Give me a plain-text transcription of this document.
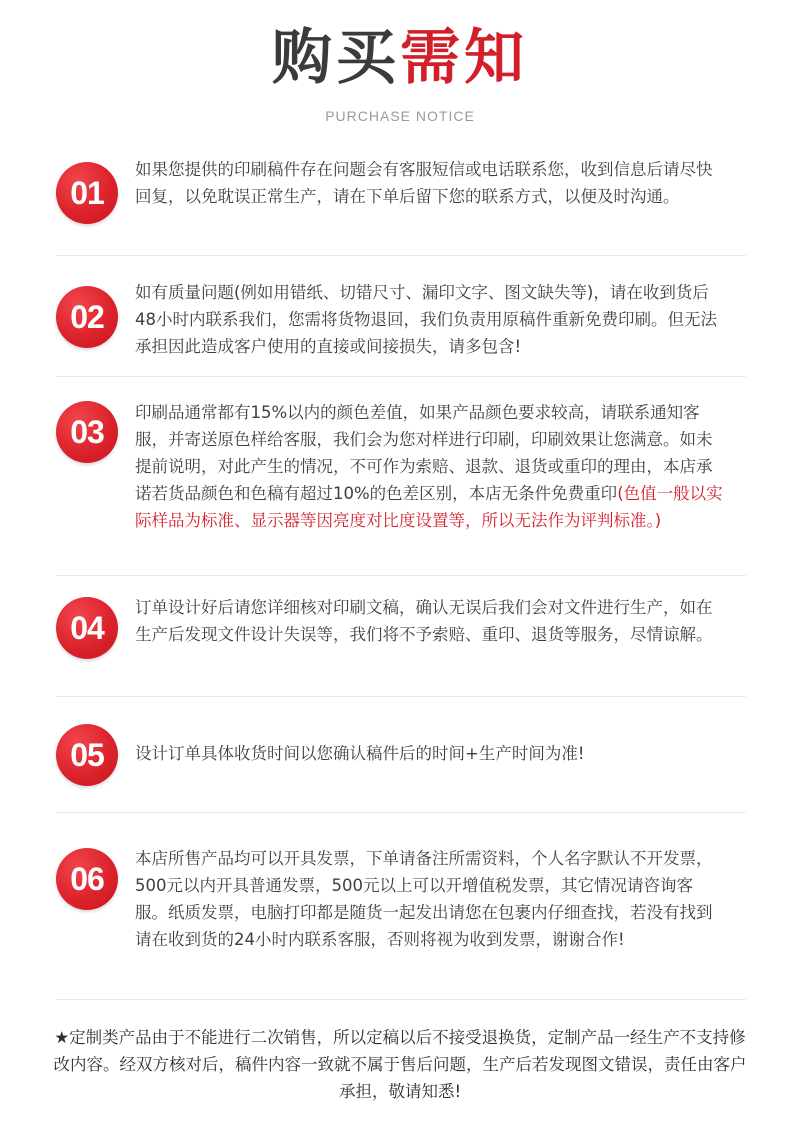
购买需知
PURCHASE NOTICE
01

如果您提供的印刷稿件存在问题会有客服短信或电话联系您，收到信息后请尽快回复，以免耽误正常生产，请在下单后留下您的联系方式，以便及时沟通。

02

如有质量问题(例如用错纸、切错尺寸、漏印文字、图文缺失等)，请在收到货后48小时内联系我们，您需将货物退回，我们负责用原稿件重新免费印刷。但无法承担因此造成客户使用的直接或间接损失，请多包含!

03

印刷品通常都有15%以内的颜色差值，如果产品颜色要求较高，请联系通知客服，并寄送原色样给客服，我们会为您对样进行印刷，印刷效果让您满意。如未提前说明，对此产生的情况，不可作为索赔、退款、退货或重印的理由，本店承诺若货品颜色和色稿有超过10%的色差区别，本店无条件免费重印(色值一般以实际样品为标准、显示器等因亮度对比度设置等，所以无法作为评判标准。)

04

订单设计好后请您详细核对印刷文稿，确认无误后我们会对文件进行生产，如在生产后发现文件设计失误等，我们将不予索赔、重印、退货等服务，尽情谅解。

05	设计订单具体收货时间以您确认稿件后的时间+生产时间为准!

06

本店所售产品均可以开具发票，下单请备注所需资料，个人名字默认不开发票，500元以内开具普通发票，500元以上可以开增值税发票，其它情况请咨询客服。纸质发票，电脑打印都是随货一起发出请您在包裹内仔细查找，若没有找到请在收到货的24小时内联系客服，否则将视为收到发票，谢谢合作!

★定制类产品由于不能进行二次销售，所以定稿以后不接受退换货，定制产品一经生产不支持修改内容。经双方核对后，稿件内容一致就不属于售后问题，生产后若发现图文错误，责任由客户承担，敬请知悉!
